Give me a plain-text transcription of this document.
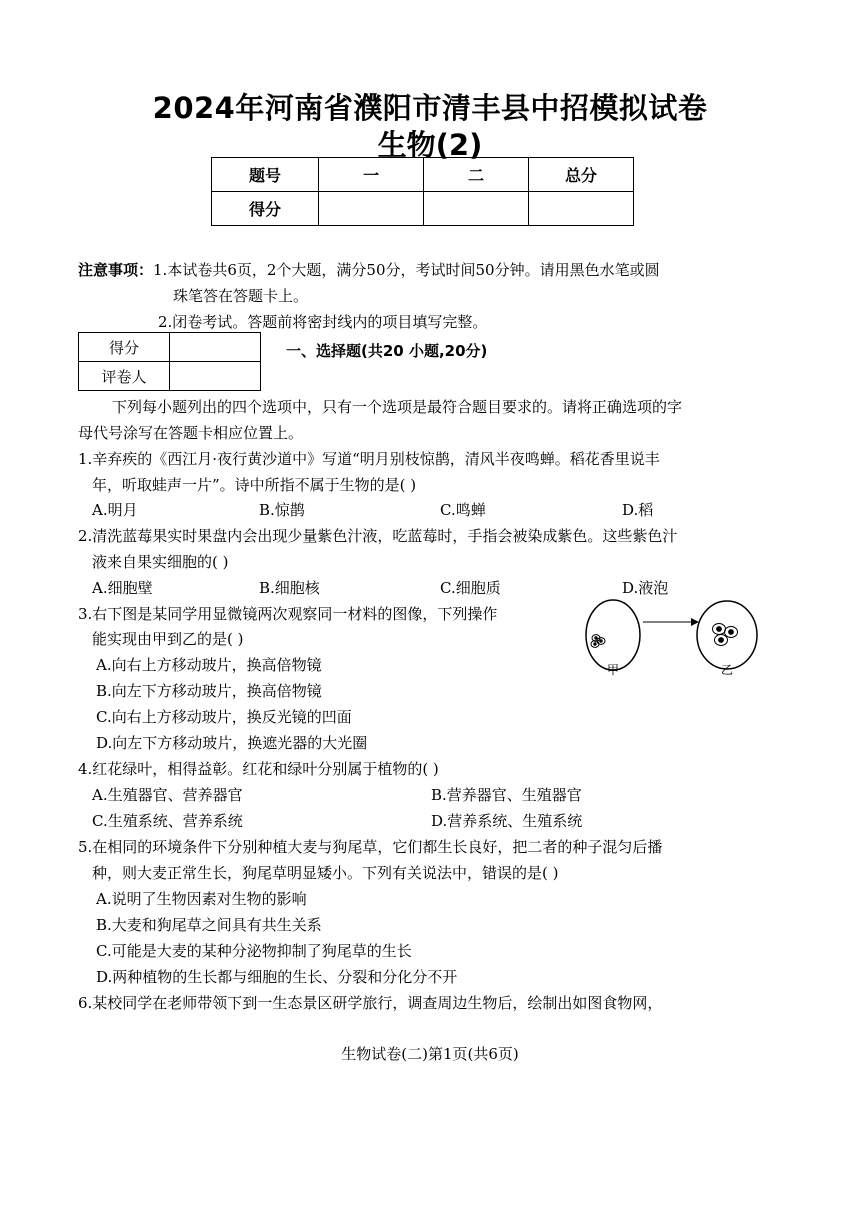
2024年河南省濮阳市清丰县中招模拟试卷
生物(2)
题号	一	二	总分
得分			
注意事项：1.本试卷共6页，2个大题，满分50分，考试时间50分钟。请用黑色水笔或圆
珠笔答在答题卡上。
2.闭卷考试。答题前将密封线内的项目填写完整。
得分	
评卷人	
一、选择题(共20 小题,20分)
下列每小题列出的四个选项中，只有一个选项是最符合题目要求的。请将正确选项的字
母代号涂写在答题卡相应位置上。
1.辛弃疾的《西江月·夜行黄沙道中》写道“明月别枝惊鹊，清风半夜鸣蝉。稻花香里说丰
年，听取蛙声一片”。诗中所指不属于生物的是( )
A.明月	B.惊鹊	C.鸣蝉	D.稻
2.清洗蓝莓果实时果盘内会出现少量紫色汁液，吃蓝莓时，手指会被染成紫色。这些紫色汁
液来自果实细胞的( )
A.细胞壁	B.细胞核	C.细胞质	D.液泡
3.右下图是某同学用显微镜两次观察同一材料的图像，下列操作
能实现由甲到乙的是( )
A.向右上方移动玻片，换高倍物镜
B.向左下方移动玻片，换高倍物镜
C.向右上方移动玻片，换反光镜的凹面
D.向左下方移动玻片，换遮光器的大光圈
甲	乙
4.红花绿叶，相得益彰。红花和绿叶分别属于植物的( )
A.生殖器官、营养器官	B.营养器官、生殖器官
C.生殖系统、营养系统	D.营养系统、生殖系统
5.在相同的环境条件下分别种植大麦与狗尾草，它们都生长良好，把二者的种子混匀后播
种，则大麦正常生长，狗尾草明显矮小。下列有关说法中，错误的是( )
A.说明了生物因素对生物的影响
B.大麦和狗尾草之间具有共生关系
C.可能是大麦的某种分泌物抑制了狗尾草的生长
D.两种植物的生长都与细胞的生长、分裂和分化分不开
6.某校同学在老师带领下到一生态景区研学旅行，调查周边生物后，绘制出如图食物网，
生物试卷(二)第1页(共6页)
